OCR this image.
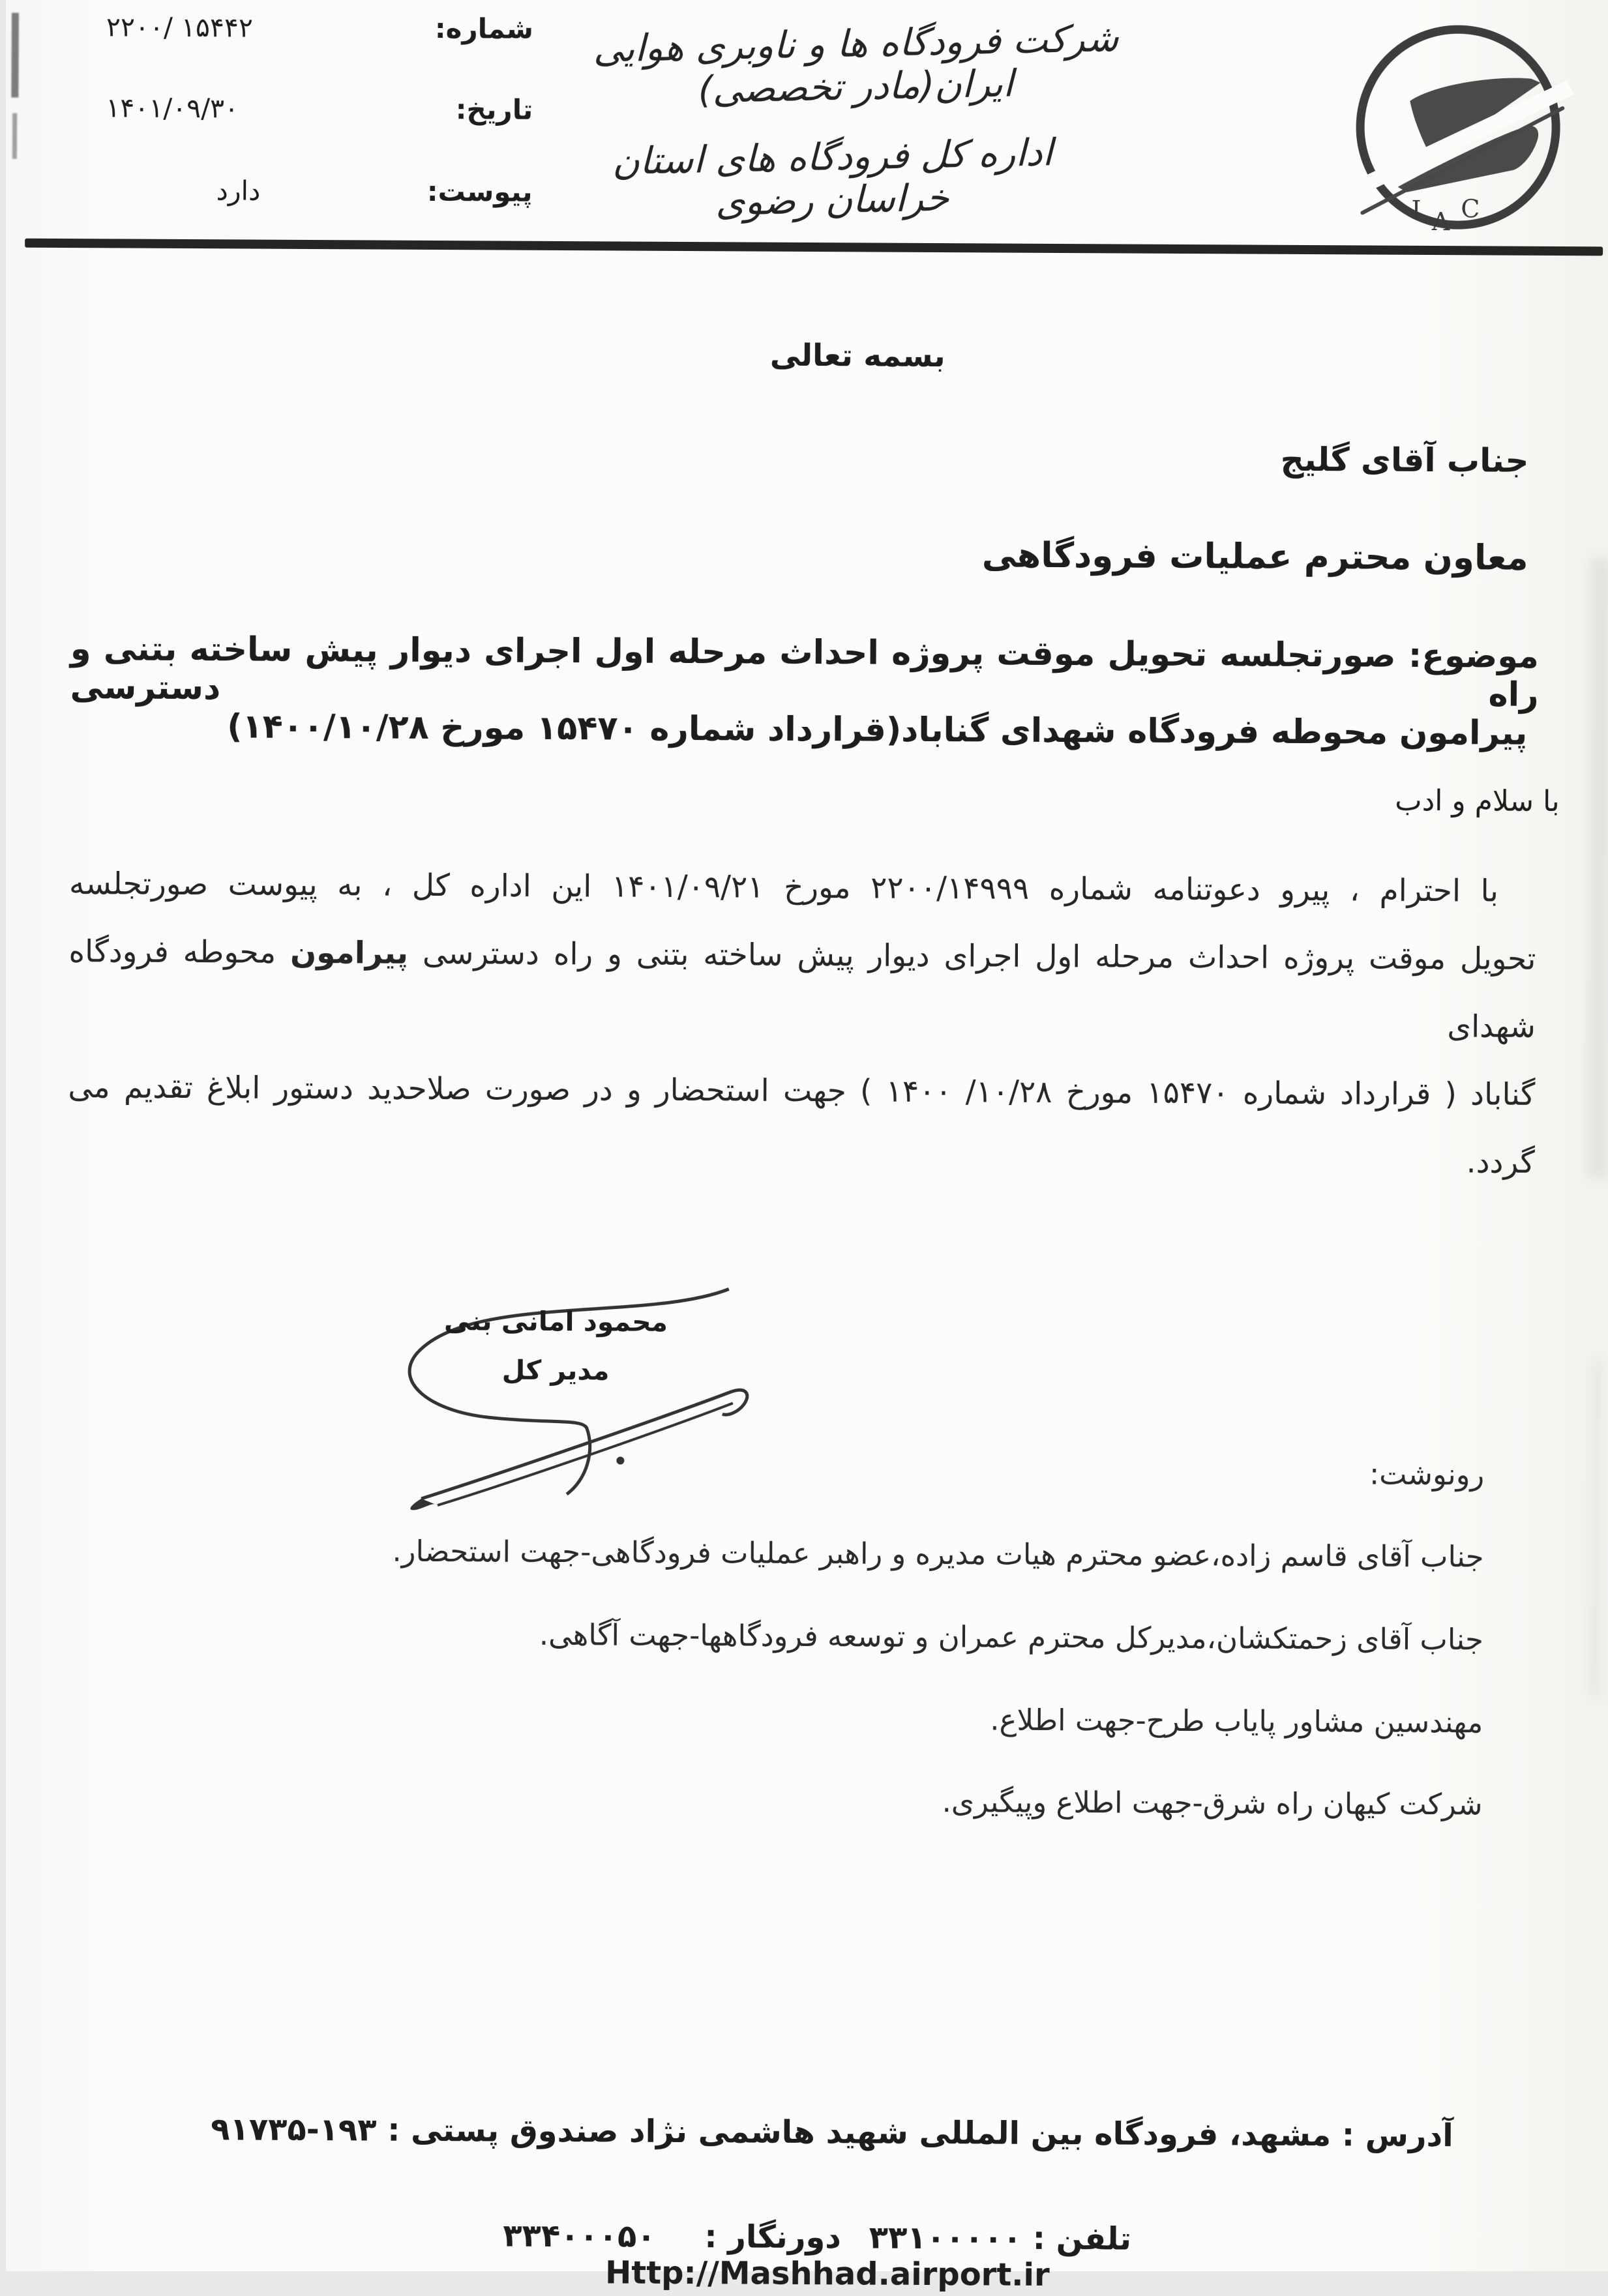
شماره:
۲۲۰۰/ ۱۵۴۴۲
تاریخ:
۱۴۰۱/۰۹/۳۰
پیوست:
دارد
شرکت فرودگاه ها و ناوبری هوایی ایران(مادر تخصصی)
اداره کل فرودگاه های استان خراسان رضوی	I A C
بسمه تعالی
جناب آقای گلیج
معاون محترم عملیات فرودگاهی
موضوع: صورتجلسه تحویل موقت پروژه احداث مرحله اول اجرای دیوار پیش ساخته بتنی و راه دسترسی
پیرامون محوطه فرودگاه شهدای گناباد(قرارداد شماره ۱۵۴۷۰ مورخ ۱۴۰۰/۱۰/۲۸)
با سلام و ادب
با احترام ، پیرو دعوتنامه شماره ۲۲۰۰/۱۴۹۹۹ مورخ ۱۴۰۱/۰۹/۲۱ این اداره کل ، به پیوست صورتجلسه
تحویل موقت پروژه احداث مرحله اول اجرای دیوار پیش ساخته بتنی و راه دسترسی پیرامون محوطه فرودگاه شهدای
گناباد ( قرارداد شماره ۱۵۴۷۰ مورخ ۱۴۰۰ /۱۰/۲۸ ) جهت استحضار و در صورت صلاحدید دستور ابلاغ تقدیم می گردد.
محمود امانی بنی
مدیر کل
رونوشت:
جناب آقای قاسم زاده،عضو محترم هیات مدیره و راهبر عملیات فرودگاهی-جهت استحضار.
جناب آقای زحمتکشان،مدیرکل محترم عمران و توسعه فرودگاهها-جهت آگاهی.
مهندسین مشاور پایاب طرح-جهت اطلاع.
شرکت کیهان راه شرق-جهت اطلاع وپیگیری.
آدرس : مشهد، فرودگاه بین المللی شهید هاشمی نژاد صندوق پستی : ۹۱۷۳۵-۱۹۳
تلفن : ۳۳۱۰۰۰۰۰ دورنگار : ۳۳۴۰۰۰۵۰ Http://Mashhad.airport.ir
